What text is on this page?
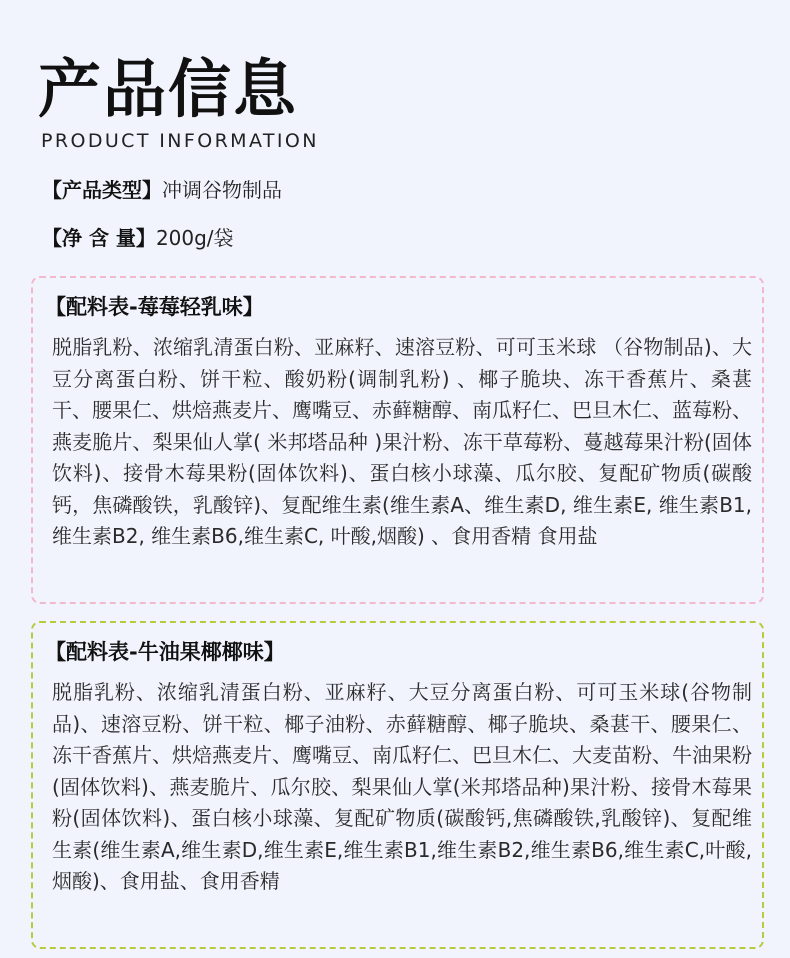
产品信息
PRODUCT INFORMATION
【产品类型】冲调谷物制品
【净 含 量】200g/袋
【配料表-莓莓轻乳味】

脱脂乳粉、浓缩乳清蛋白粉、亚麻籽、速溶豆粉、可可玉米球 （谷物制品)、大豆分离蛋白粉、饼干粒、酸奶粉(调制乳粉) 、椰子脆块、冻干香蕉片、桑葚干、腰果仁、烘焙燕麦片、鹰嘴豆、赤藓糖醇、南瓜籽仁、巴旦木仁、蓝莓粉、燕麦脆片、梨果仙人掌( 米邦塔品种 )果汁粉、冻干草莓粉、蔓越莓果汁粉(固体饮料)、接骨木莓果粉(固体饮料)、蛋白核小球藻、瓜尔胶、复配矿物质(碳酸钙，焦磷酸铁，乳酸锌)、复配维生素(维生素A、维生素D, 维生素E, 维生素B1, 维生素B2, 维生素B6,维生素C, 叶酸,烟酸) 、食用香精 食用盐

【配料表-牛油果椰椰味】

脱脂乳粉、浓缩乳清蛋白粉、亚麻籽、大豆分离蛋白粉、可可玉米球(谷物制品)、速溶豆粉、饼干粒、椰子油粉、赤藓糖醇、椰子脆块、桑葚干、腰果仁、冻干香蕉片、烘焙燕麦片、鹰嘴豆、南瓜籽仁、巴旦木仁、大麦苗粉、牛油果粉(固体饮料)、燕麦脆片、瓜尔胶、梨果仙人掌(米邦塔品种)果汁粉、接骨木莓果粉(固体饮料)、蛋白核小球藻、复配矿物质(碳酸钙,焦磷酸铁,乳酸锌)、复配维生素(维生素A,维生素D,维生素E,维生素B1,维生素B2,维生素B6,维生素C,叶酸,烟酸)、食用盐、食用香精
